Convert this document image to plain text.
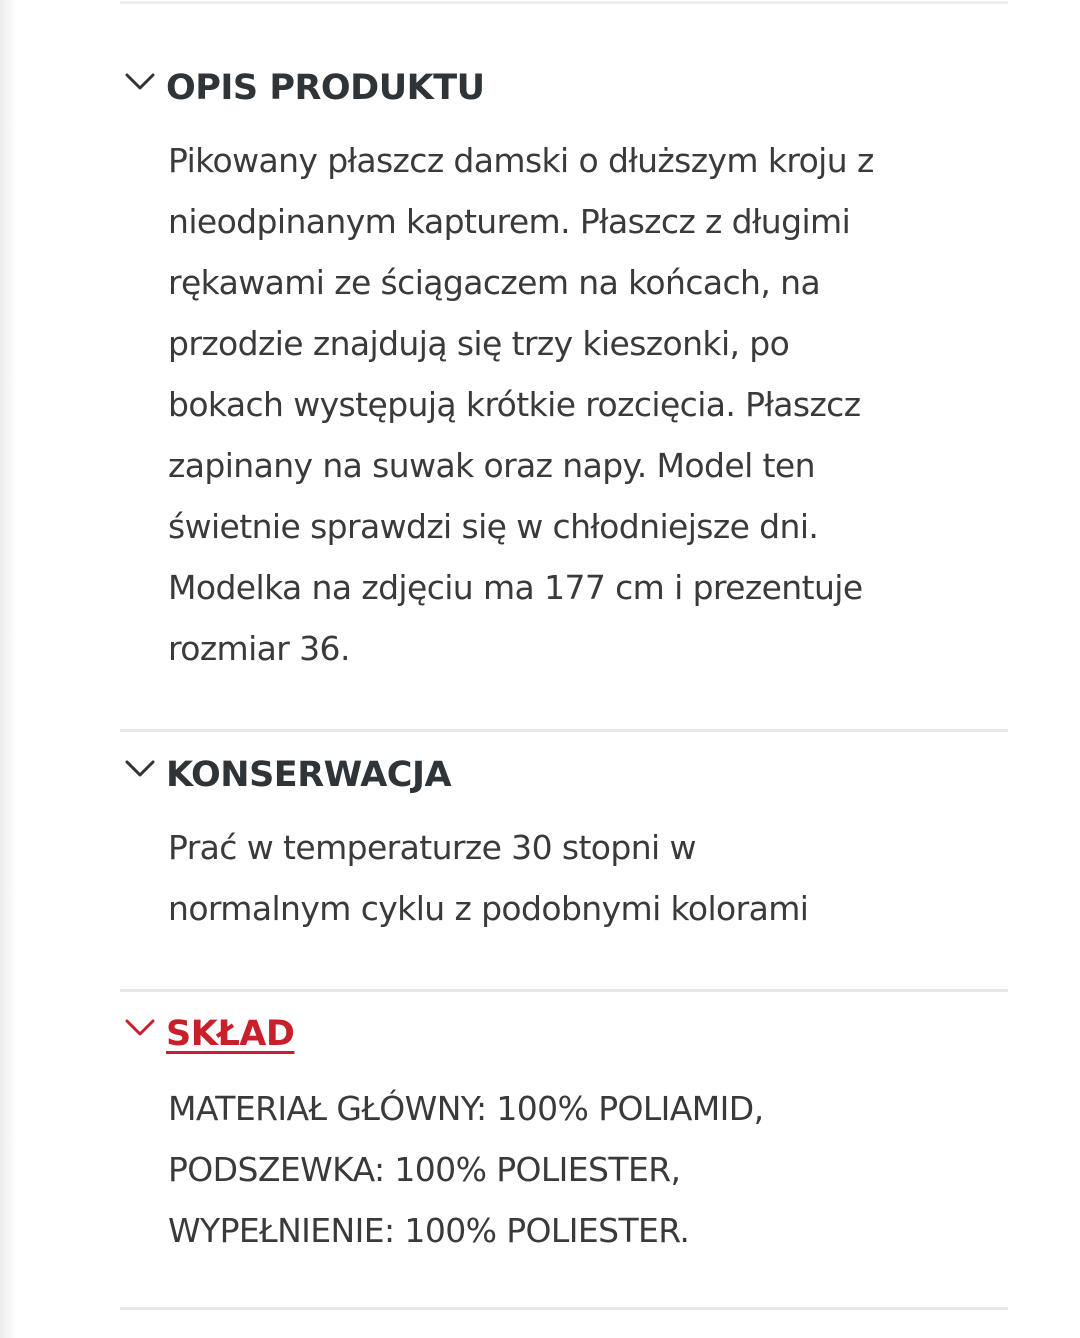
OPIS PRODUKTU
Pikowany płaszcz damski o dłuższym kroju z
nieodpinanym kapturem. Płaszcz z długimi
rękawami ze ściągaczem na końcach, na
przodzie znajdują się trzy kieszonki, po
bokach występują krótkie rozcięcia. Płaszcz
zapinany na suwak oraz napy. Model ten
świetnie sprawdzi się w chłodniejsze dni.
Modelka na zdjęciu ma 177 cm i prezentuje
rozmiar 36.
KONSERWACJA
Prać w temperaturze 30 stopni w
normalnym cyklu z podobnymi kolorami
SKŁAD
MATERIAŁ GŁÓWNY: 100% POLIAMID,
PODSZEWKA: 100% POLIESTER,
WYPEŁNIENIE: 100% POLIESTER.
